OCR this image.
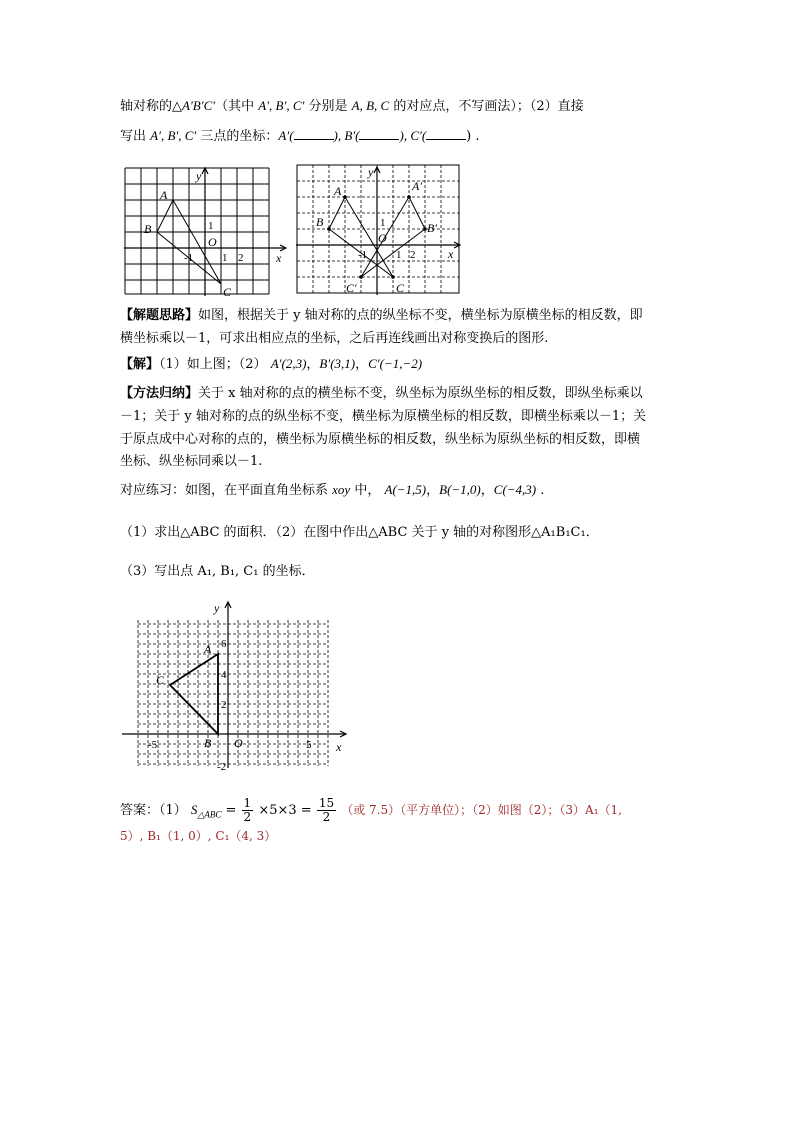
轴对称的△A′B′C′（其中 A′, B′, C′ 分别是 A, B, C 的对应点，不写画法）；（2）直接
写出 A′, B′, C′ 三点的坐标：A′(	), B′(	), C′(	) .
A
B
C
O
x
y
1
-1	1 2
A
B
C
A′
B′
C′
O
x
y
1
-1	1 2
【解题思路】如图，根据关于 y 轴对称的点的纵坐标不变，横坐标为原横坐标的相反数，即
横坐标乘以－1，可求出相应点的坐标，之后再连线画出对称变换后的图形.
【解】（1）如上图；（2） A′(2,3)，B′(3,1)，C′(−1,−2)
【方法归纳】关于 x 轴对称的点的横坐标不变，纵坐标为原纵坐标的相反数，即纵坐标乘以
－1；关于 y 轴对称的点的纵坐标不变，横坐标为原横坐标的相反数，即横坐标乘以－1；关
于原点成中心对称的点的，横坐标为原横坐标的相反数，纵坐标为原纵坐标的相反数，即横
坐标、纵坐标同乘以－1.
对应练习：如图，在平面直角坐标系 xoy 中， A(−1,5)，B(−1,0)，C(−4,3) .
（1）求出△ABC 的面积．（2）在图中作出△ABC 关于 y 轴的对称图形△A₁B₁C₁．
（3）写出点 A₁, B₁, C₁ 的坐标．
A
B
C
O	x
y
6
4
2
-2
-5	5
答案：（1） $S_{\triangle ABC} = \frac{1}{2} \times 5\times 3 = \frac{15}{2}$ （或 7.5）（平方单位）；（2）如图（2）；（3）A₁（1,
5）, B₁（1, 0）, C₁（4, 3）
